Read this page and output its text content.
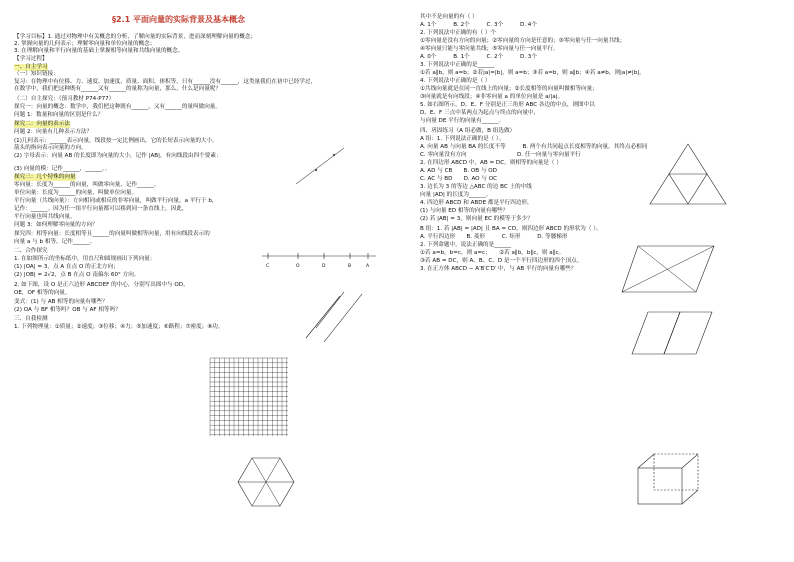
§2.1 平面向量的实际背景及基本概念
【学习目标】1. 通过对物理中有关概念的分析，了解向量的实际背景，进而深刻理解向量的概念；
2. 掌握向量的几何表示；理解零向量和单位向量的概念；
3. 在理解向量和平行向量的基础上掌握相等向量和共线向量的概念。
【学习过程】
一、自主学习
（一）知识链接：
复习：在物理中有位移、力、速度、加速度、质量、面积、体积等，只有______没有______，这类量我们在初中已经学过，
在数学中，我们把这种既有______又有______的量称为向量，那么，什么是向量呢？
（二）自主探究：（预习教材 P74-P77）
探究一：向量的概念：数学中，我们把这种既有______，又有______的量叫做向量。
问题 1：数量和向量的区别是什么？
探究二：向量的表示法
问题 2：向量有几种表示方法？
(1)几何表示：______表示向量，线段按一定比例画出，它的长短表示向量的大小，
箭头的指向表示向量的方向。
(2) 字母表示：向量 AB 的长度即为向量的大小，记作 |AB|，有向线段由四个要素：
(3) 向量的模：记作______，______，。
探究三：几个特殊的向量
零向量：长度为______的向量，叫做零向量，记作______。
单位向量：长度为______的向量，叫做单位向量。
平行向量（共线向量）：方向相同或相反的非零向量，叫做平行向量，a 平行于 b，
记作：______。因为任一组平行向量都可以移到同一条直线上，因此，
平行向量也叫共线向量。
问题 3：如何理解零向量的方向？
探究四：相等向量：长度相等且______的向量叫做相等向量，用有向线段表示的
向量 a 与 b 相等，记作______。
二、合作探究
1. 在如图所示的坐标纸中，用直尺和圆规画出下列向量：
(1) |OA| = 3，点 A 在点 O 的正北方向；
(2) |OB| = 2√2，点 B 在点 O 南偏东 60° 方向。
2. 如下图，设 O 是正六边形 ABCDEF 的中心，分别写出图中与 OD，
OE，OF 相等的向量。
变式：(1) 与 AB 相等的向量有哪些？
(2) OA 与 BF 相等吗？OB 与 AF 相等吗？
三、自我检测
1. 下列物理量：①质量；②速度；③位移；④力；⑤加速度；⑥路程；⑦密度；⑧功。
C	O	D	B	A
其中不是向量的有（ ）
A. 1个　　　B. 2个　　　C. 3个　　　D. 4个
2. 下列说法中正确的有（ ）个
①零向量是没有方向的向量；②零向量的方向是任意的；③零向量与任一向量共线；
④零向量只能与零向量共线；⑤零向量与任一向量平行。
A. 0个　　　B. 1个　　　C. 2个　　　D. 3个
3. 下列说法中正确的是______
①若 a∥b，则 a=b；②若|a|=|b|，则 a=b；③若 a=b，则 a∥b；④若 a≠b，则|a|≠|b|。
4. 下列说法中正确的是（ ）
①共线向量就是在同一直线上的向量；②长度相等的向量叫做相等向量；
③向量就是有向线段；④非零向量 a 的单位向量是 a/|a|。
5. 如右图所示，D、E、F 分别是正三角形 ABC 各边的中点，则图中以
D、E、F 三点中某两点为起点与终点的向量中，
与向量 DE 平行的向量有______。
四、巩固练习（A 组必做，B 组选做）
A 组：1. 下列说法正确的是（ ）。
A. 向量 AB 与向量 BA 的长度不等　　　B. 两个有共同起点长度相等的向量，其终点必相同
C. 零向量没有方向　　　　　　　　　D. 任一向量与零向量平行
2. 在四边形 ABCD 中，AB = DC，则相等的向量是（ ）
A. AD 与 CB　　B. OB 与 OD
C. AC 与 BD　　D. AO 与 OC
3. 边长为 3 的等边 △ABC 的边 BC 上的中线
向量 |AD| 的长度为______。
4. 四边形 ABCD 和 ABDE 都是平行四边形，
(1) 与向量 ED 相等的向量有哪些？
(2) 若 |AB| = 3，则向量 EC 的模等于多少？
B 组：1. 若 |AB| = |AD| 且 BA = CD，则四边形 ABCD 的形状为（ ）。
A. 平行四边形　　B. 菱形　　　C. 矩形　　　D. 等腰梯形
2. 下列命题中，说法正确的是______
①若 a=b，b=c，则 a=c；　　②若 a∥b，b∥c，则 a∥c。
③若 AB = DC，则 A、B、C、D 是一个平行四边形的四个顶点。
3. 在正方体 ABCD − A′B′C′D′ 中，与 AB 平行的向量有哪些？
